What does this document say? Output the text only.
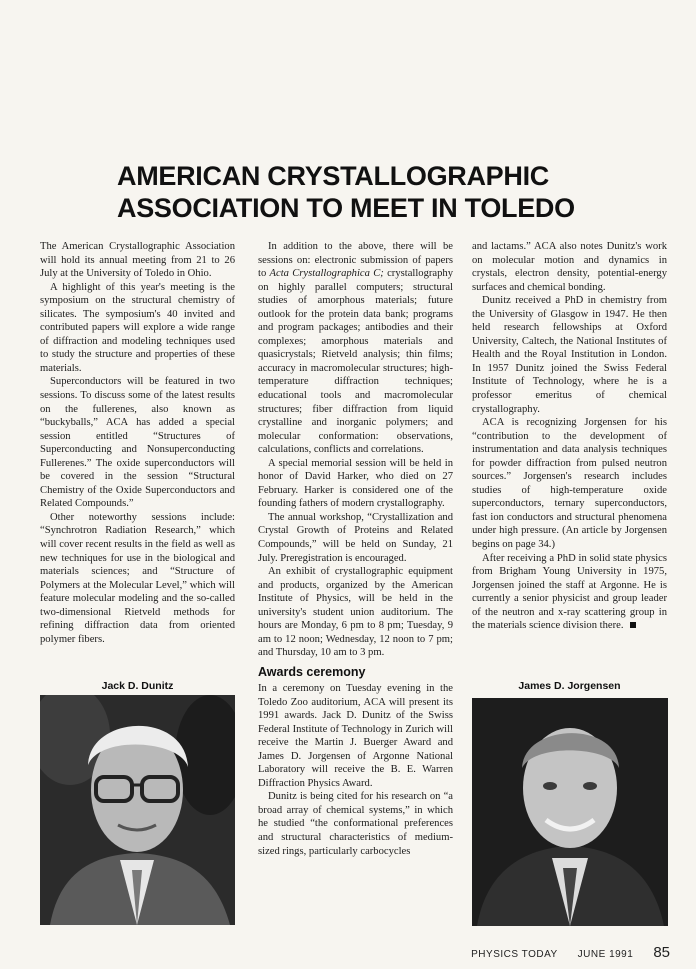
AMERICAN CRYSTALLOGRAPHIC
ASSOCIATION TO MEET IN TOLEDO

The American Crystallographic Association will hold its annual meeting from 21 to 26 July at the University of Toledo in Ohio.

A highlight of this year's meeting is the symposium on the structural chemistry of silicates. The symposium's 40 invited and contributed papers will explore a wide range of diffraction and modeling techniques used to study the structure and properties of these materials.

Superconductors will be featured in two sessions. To discuss some of the latest results on the fullerenes, also known as “buckyballs,” ACA has added a special session entitled “Structures of Superconducting and Nonsuperconducting Fullerenes.” The oxide superconductors will be covered in the session “Structural Chemistry of the Oxide Superconductors and Related Compounds.”

Other noteworthy sessions include: “Synchrotron Radiation Research,” which will cover recent results in the field as well as new techniques for use in the biological and materials sciences; and “Structure of Polymers at the Molecular Level,” which will feature molecular modeling and the so-called two-dimensional Rietveld methods for refining diffraction data from oriented polymer fibers.

In addition to the above, there will be sessions on: electronic submission of papers to Acta Crystallographica C; crystallography on highly parallel computers; structural studies of amorphous materials; future outlook for the protein data bank; programs and program packages; antibodies and their complexes; amorphous materials and quasicrystals; Rietveld analysis; thin films; accuracy in macromolecular structures; high-temperature diffraction techniques; educational tools and macromolecular structures; fiber diffraction from liquid crystalline and inorganic polymers; and molecular conformation: observations, calculations, conflicts and correlations.

A special memorial session will be held in honor of David Harker, who died on 27 February. Harker is considered one of the founding fathers of modern crystallography.

The annual workshop, “Crystallization and Crystal Growth of Proteins and Related Compounds,” will be held on Sunday, 21 July. Preregistration is encouraged.

An exhibit of crystallographic equipment and products, organized by the American Institute of Physics, will be held in the university's student union auditorium. The hours are Monday, 6 pm to 8 pm; Tuesday, 9 am to 12 noon; Wednesday, 12 noon to 7 pm; and Thursday, 10 am to 3 pm.

Awards ceremony

In a ceremony on Tuesday evening in the Toledo Zoo auditorium, ACA will present its 1991 awards. Jack D. Dunitz of the Swiss Federal Institute of Technology in Zurich will receive the Martin J. Buerger Award and James D. Jorgensen of Argonne National Laboratory will receive the B. E. Warren Diffraction Physics Award.

Dunitz is being cited for his research on “a broad array of chemical systems,” in which he studied “the conformational preferences and structural characteristics of medium-sized rings, particularly carbocycles

and lactams.” ACA also notes Dunitz's work on molecular motion and dynamics in crystals, electron density, potential-energy surfaces and chemical bonding.

Dunitz received a PhD in chemistry from the University of Glasgow in 1947. He then held research fellowships at Oxford University, Caltech, the National Institutes of Health and the Royal Institution in London. In 1957 Dunitz joined the Swiss Federal Institute of Technology, where he is a professor emeritus of chemical crystallography.

ACA is recognizing Jorgensen for his “contribution to the development of instrumentation and data analysis techniques for powder diffraction from pulsed neutron sources.” Jorgensen's research includes studies of high-temperature oxide superconductors, ternary superconductors, fast ion conductors and structural phenomena under high pressure. (An article by Jorgensen begins on page 34.)

After receiving a PhD in solid state physics from Brigham Young University in 1975, Jorgensen joined the staff at Argonne. He is currently a senior physicist and group leader of the neutron and x-ray scattering group in the materials science division there.

Jack D. Dunitz	James D. Jorgensen
PHYSICS TODAY JUNE 1991 85
